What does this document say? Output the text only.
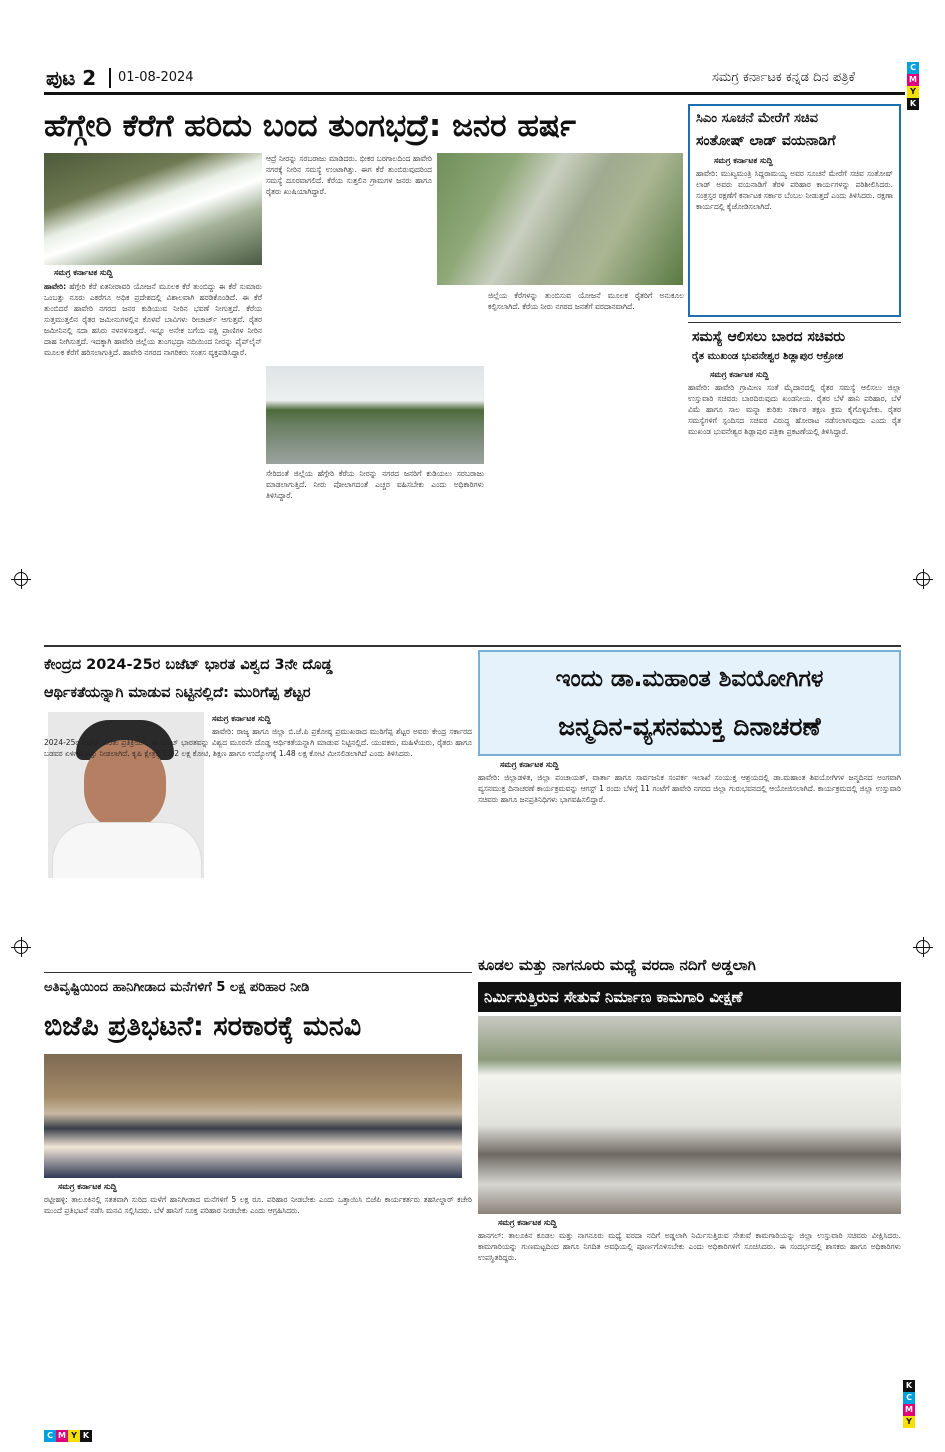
C
M
Y
K
ಪುಟ 2 01-08-2024	ಸಮಗ್ರ ಕರ್ನಾಟಕ ಕನ್ನಡ ದಿನ ಪತ್ರಿಕೆ
ಹೆಗ್ಗೇರಿ ಕೆರೆಗೆ ಹರಿದು ಬಂದ ತುಂಗಭದ್ರೆ: ಜನರ ಹರ್ಷ
ಸಮಗ್ರ ಕರ್ನಾಟಕ ಸುದ್ದಿ
ಹಾವೇರಿ: ಹೆಗ್ಗೇರಿ ಕೆರೆ ಏತನೀರಾವರಿ ಯೋಜನೆ ಮೂಲಕ ಕೆರೆ ತುಂಬಿದ್ದು ಈ ಕೆರೆ ಸುಮಾರು ಒಂಬತ್ತು ನೂರು ಎಕರೆಗೂ ಅಧಿಕ ಪ್ರದೇಶದಲ್ಲಿ ವಿಶಾಲವಾಗಿ ಹರಡಿಕೊಂಡಿದೆ. ಈ ಕೆರೆ ತುಂಬಿದರೆ ಹಾವೇರಿ ನಗರದ ಜನರ ಕುಡಿಯುವ ನೀರಿನ ಭವಣೆ ನೀಗುತ್ತದೆ. ಕೆರೆಯ ಸುತ್ತಮುತ್ತಲಿನ ರೈತರ ಜಮೀನುಗಳಲ್ಲಿನ ಕೊಳವೆ ಬಾವಿಗಳು ರೀಚಾರ್ಜ್ ಆಗುತ್ತವೆ. ರೈತರ ಜಮೀನಿನಲ್ಲಿ ಸದಾ ಹಸಿರು ನಳನಳಿಸುತ್ತದೆ. ಇನ್ನೂ ಅನೇಕ ಬಗೆಯ ಪಕ್ಷಿ ಪ್ರಾಣಿಗಳ ನೀರಿನ ದಾಹ ನೀಗಿಸುತ್ತದೆ. ಇದಕ್ಕಾಗಿ ಹಾವೇರಿ ಜಿಲ್ಲೆಯ ತುಂಗಭದ್ರಾ ನದಿಯಿಂದ ನೀರನ್ನು ಪೈಪ್‌ಲೈನ್ ಮೂಲಕ ಕೆರೆಗೆ ಹರಿಸಲಾಗುತ್ತಿದೆ. ಹಾವೇರಿ ನಗರದ ನಾಗರಿಕರು ಸಂತಸ ವ್ಯಕ್ತಪಡಿಸಿದ್ದಾರೆ.
ಆದ್ರೆ ನೀರನ್ನು ಸರಬರಾಜು ಮಾಡಿದರು. ಭೀಕರ ಬರಗಾಲದಿಂದ ಹಾವೇರಿ ನಗರಕ್ಕೆ ನೀರಿನ ಸಮಸ್ಯೆ ಉಂಟಾಗಿತ್ತು. ಈಗ ಕೆರೆ ತುಂಬಿರುವುದರಿಂದ ಸಮಸ್ಯೆ ದೂರವಾಗಲಿದೆ. ಕೆರೆಯ ಸುತ್ತಲಿನ ಗ್ರಾಮಗಳ ಜನರು ಹಾಗೂ ರೈತರು ಖುಷಿಯಾಗಿದ್ದಾರೆ.
ಸೇರಿದಂತೆ ಜಿಲ್ಲೆಯ ಹೆಗ್ಗೇರಿ ಕೆರೆಯ ನೀರನ್ನು ನಗರದ ಜನರಿಗೆ ಕುಡಿಯಲು ಸರಬರಾಜು ಮಾಡಲಾಗುತ್ತಿದೆ. ನೀರು ಪೋಲಾಗದಂತೆ ಎಚ್ಚರ ವಹಿಸಬೇಕು ಎಂದು ಅಧಿಕಾರಿಗಳು ತಿಳಿಸಿದ್ದಾರೆ.
ಜಿಲ್ಲೆಯ ಕೆರೆಗಳನ್ನು ತುಂಬಿಸುವ ಯೋಜನೆ ಮೂಲಕ ರೈತರಿಗೆ ಅನುಕೂಲ ಕಲ್ಪಿಸಲಾಗಿದೆ. ಕೆರೆಯ ನೀರು ನಗರದ ಜನತೆಗೆ ವರದಾನವಾಗಿದೆ.
ಸಿಎಂ ಸೂಚನೆ ಮೇರೆಗೆ ಸಚಿವ
ಸಂತೋಷ್ ಲಾಡ್ ವಯನಾಡಿಗೆ
ಸಮಗ್ರ ಕರ್ನಾಟಕ ಸುದ್ದಿ
ಹಾವೇರಿ: ಮುಖ್ಯಮಂತ್ರಿ ಸಿದ್ದರಾಮಯ್ಯ ಅವರ ಸೂಚನೆ ಮೇರೆಗೆ ಸಚಿವ ಸಂತೋಷ್ ಲಾಡ್ ಅವರು ವಯನಾಡಿಗೆ ತೆರಳಿ ಪರಿಹಾರ ಕಾರ್ಯಗಳನ್ನು ಪರಿಶೀಲಿಸಿದರು. ಸಂತ್ರಸ್ತರ ರಕ್ಷಣೆಗೆ ಕರ್ನಾಟಕ ಸರ್ಕಾರ ಬೆಂಬಲ ನೀಡುತ್ತದೆ ಎಂದು ತಿಳಿಸಿದರು. ರಕ್ಷಣಾ ಕಾರ್ಯದಲ್ಲಿ ಕೈಜೋಡಿಸಲಾಗಿದೆ.
ಸಮಸ್ಯೆ ಆಲಿಸಲು ಬಾರದ ಸಚಿವರು
ರೈತ ಮುಖಂಡ ಭುವನೇಶ್ವರ ಶಿಡ್ಲಾಪುರ ಆಕ್ರೋಶ
ಸಮಗ್ರ ಕರ್ನಾಟಕ ಸುದ್ದಿ
ಹಾವೇರಿ: ಹಾವೇರಿ ಗ್ರಾಮೀಣ ಸಂತೆ ಮೈದಾನದಲ್ಲಿ ರೈತರ ಸಮಸ್ಯೆ ಆಲಿಸಲು ಜಿಲ್ಲಾ ಉಸ್ತುವಾರಿ ಸಚಿವರು ಬಾರದಿರುವುದು ಖಂಡನೀಯ. ರೈತರ ಬೆಳೆ ಹಾನಿ ಪರಿಹಾರ, ಬೆಳೆ ವಿಮೆ ಹಾಗೂ ಸಾಲ ಮನ್ನಾ ಕುರಿತು ಸರ್ಕಾರ ತಕ್ಷಣ ಕ್ರಮ ಕೈಗೊಳ್ಳಬೇಕು. ರೈತರ ಸಮಸ್ಯೆಗಳಿಗೆ ಸ್ಪಂದಿಸದ ಸಚಿವರ ವಿರುದ್ಧ ಹೋರಾಟ ನಡೆಸಲಾಗುವುದು ಎಂದು ರೈತ ಮುಖಂಡ ಭುವನೇಶ್ವರ ಶಿಡ್ಲಾಪುರ ಪತ್ರಿಕಾ ಪ್ರಕಟಣೆಯಲ್ಲಿ ತಿಳಿಸಿದ್ದಾರೆ.
ಕೇಂದ್ರದ 2024-25ರ ಬಜೆಟ್ ಭಾರತ ವಿಶ್ವದ 3ನೇ ದೊಡ್ಡ
ಆರ್ಥಿಕತೆಯನ್ನಾಗಿ ಮಾಡುವ ನಿಟ್ಟಿನಲ್ಲಿದೆ: ಮುರಿಗೆಪ್ಪ ಶೆಟ್ಟರ
ಸಮಗ್ರ ಕರ್ನಾಟಕ ಸುದ್ದಿ
ಹಾವೇರಿ: ರಾಜ್ಯ ಹಾಗೂ ಜಿಲ್ಲಾ ಬಿ.ಜೆ.ಪಿ ಪ್ರಕೋಷ್ಠ ಪ್ರಮುಖರಾದ ಮುರಿಗೆಪ್ಪ ಶೆಟ್ಟರ ಅವರು ಕೇಂದ್ರ ಸರ್ಕಾರದ 2024-25ರ ಬಜೆಟ್ ಕುರಿತು ಪ್ರತಿಕ್ರಿಯಿಸಿ, ಈ ಬಜೆಟ್ ಭಾರತವನ್ನು ವಿಶ್ವದ ಮೂರನೇ ದೊಡ್ಡ ಆರ್ಥಿಕತೆಯನ್ನಾಗಿ ಮಾಡುವ ನಿಟ್ಟಿನಲ್ಲಿದೆ. ಯುವಕರು, ಮಹಿಳೆಯರು, ರೈತರು ಹಾಗೂ ಬಡವರ ಏಳಿಗೆಗೆ ಒತ್ತು ನೀಡಲಾಗಿದೆ. ಕೃಷಿ ಕ್ಷೇತ್ರಕ್ಕೆ 1.52 ಲಕ್ಷ ಕೋಟಿ, ಶಿಕ್ಷಣ ಹಾಗೂ ಉದ್ಯೋಗಕ್ಕೆ 1.48 ಲಕ್ಷ ಕೋಟಿ ಮೀಸಲಿಡಲಾಗಿದೆ ಎಂದು ತಿಳಿಸಿದರು.
ಇಂದು ಡಾ.ಮಹಾಂತ ಶಿವಯೋಗಿಗಳ
ಜನ್ಮದಿನ-ವ್ಯಸನಮುಕ್ತ ದಿನಾಚರಣೆ
ಸಮಗ್ರ ಕರ್ನಾಟಕ ಸುದ್ದಿ
ಹಾವೇರಿ: ಜಿಲ್ಲಾಡಳಿತ, ಜಿಲ್ಲಾ ಪಂಚಾಯತ್, ವಾರ್ತಾ ಹಾಗೂ ಸಾರ್ವಜನಿಕ ಸಂಪರ್ಕ ಇಲಾಖೆ ಸಂಯುಕ್ತ ಆಶ್ರಯದಲ್ಲಿ ಡಾ.ಮಹಾಂತ ಶಿವಯೋಗಿಗಳ ಜನ್ಮದಿನದ ಅಂಗವಾಗಿ ವ್ಯಸನಮುಕ್ತ ದಿನಾಚರಣೆ ಕಾರ್ಯಕ್ರಮವನ್ನು ಆಗಸ್ಟ್ 1 ರಂದು ಬೆಳಿಗ್ಗೆ 11 ಗಂಟೆಗೆ ಹಾವೇರಿ ನಗರದ ಜಿಲ್ಲಾ ಗುರುಭವನದಲ್ಲಿ ಆಯೋಜಿಸಲಾಗಿದೆ. ಕಾರ್ಯಕ್ರಮದಲ್ಲಿ ಜಿಲ್ಲಾ ಉಸ್ತುವಾರಿ ಸಚಿವರು ಹಾಗೂ ಜನಪ್ರತಿನಿಧಿಗಳು ಭಾಗವಹಿಸಲಿದ್ದಾರೆ.
ಅತಿವೃಷ್ಟಿಯಿಂದ ಹಾನಿಗೀಡಾದ ಮನೆಗಳಿಗೆ 5 ಲಕ್ಷ ಪರಿಹಾರ ನೀಡಿ
ಬಿಜೆಪಿ ಪ್ರತಿಭಟನೆ: ಸರಕಾರಕ್ಕೆ ಮನವಿ
ಸಮಗ್ರ ಕರ್ನಾಟಕ ಸುದ್ದಿ
ರಟ್ಟೀಹಳ್ಳಿ: ತಾಲೂಕಿನಲ್ಲಿ ಸತತವಾಗಿ ಸುರಿದ ಮಳೆಗೆ ಹಾನಿಗೀಡಾದ ಮನೆಗಳಿಗೆ 5 ಲಕ್ಷ ರೂ. ಪರಿಹಾರ ನೀಡಬೇಕು ಎಂದು ಒತ್ತಾಯಿಸಿ ಬಿಜೆಪಿ ಕಾರ್ಯಕರ್ತರು ತಹಸೀಲ್ದಾರ್ ಕಚೇರಿ ಮುಂದೆ ಪ್ರತಿಭಟನೆ ನಡೆಸಿ ಮನವಿ ಸಲ್ಲಿಸಿದರು. ಬೆಳೆ ಹಾನಿಗೆ ಸೂಕ್ತ ಪರಿಹಾರ ನೀಡಬೇಕು ಎಂದು ಆಗ್ರಹಿಸಿದರು.
ಕೂಡಲ ಮತ್ತು ನಾಗನೂರು ಮಧ್ಯೆ ವರದಾ ನದಿಗೆ ಅಡ್ಡಲಾಗಿ
ನಿರ್ಮಿಸುತ್ತಿರುವ ಸೇತುವೆ ನಿರ್ಮಾಣ ಕಾಮಗಾರಿ ವೀಕ್ಷಣೆ
ಸಮಗ್ರ ಕರ್ನಾಟಕ ಸುದ್ದಿ
ಹಾನಗಲ್: ತಾಲೂಕಿನ ಕೂಡಲ ಮತ್ತು ನಾಗನೂರು ಮಧ್ಯೆ ವರದಾ ನದಿಗೆ ಅಡ್ಡಲಾಗಿ ನಿರ್ಮಿಸುತ್ತಿರುವ ಸೇತುವೆ ಕಾಮಗಾರಿಯನ್ನು ಜಿಲ್ಲಾ ಉಸ್ತುವಾರಿ ಸಚಿವರು ವೀಕ್ಷಿಸಿದರು. ಕಾಮಗಾರಿಯನ್ನು ಗುಣಮಟ್ಟದಿಂದ ಹಾಗೂ ನಿಗದಿತ ಅವಧಿಯಲ್ಲಿ ಪೂರ್ಣಗೊಳಿಸಬೇಕು ಎಂದು ಅಧಿಕಾರಿಗಳಿಗೆ ಸೂಚಿಸಿದರು. ಈ ಸಂದರ್ಭದಲ್ಲಿ ಶಾಸಕರು ಹಾಗೂ ಅಧಿಕಾರಿಗಳು ಉಪಸ್ಥಿತರಿದ್ದರು.
C M Y K
K
C
M
Y
